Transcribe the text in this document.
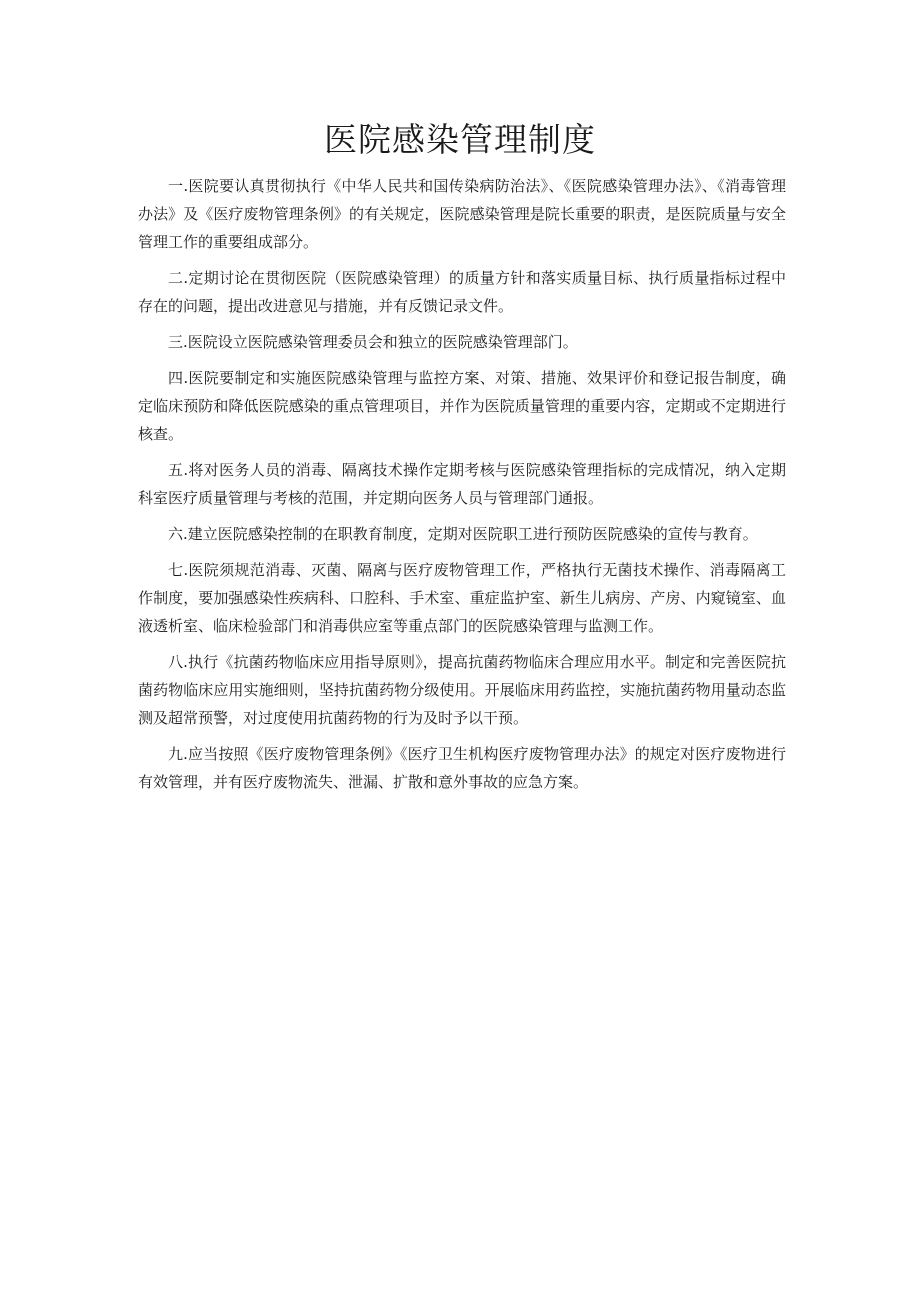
医院感染管理制度

一.医院要认真贯彻执行《中华人民共和国传染病防治法》、《医院感染管理办法》、《消毒管理办法》及《医疗废物管理条例》的有关规定，医院感染管理是院长重要的职责，是医院质量与安全管理工作的重要组成部分。

二.定期讨论在贯彻医院（医院感染管理）的质量方针和落实质量目标、执行质量指标过程中存在的问题，提出改进意见与措施，并有反馈记录文件。

三.医院设立医院感染管理委员会和独立的医院感染管理部门。

四.医院要制定和实施医院感染管理与监控方案、对策、措施、效果评价和登记报告制度，确定临床预防和降低医院感染的重点管理项目，并作为医院质量管理的重要内容，定期或不定期进行核查。

五.将对医务人员的消毒、隔离技术操作定期考核与医院感染管理指标的完成情况，纳入定期科室医疗质量管理与考核的范围，并定期向医务人员与管理部门通报。

六.建立医院感染控制的在职教育制度，定期对医院职工进行预防医院感染的宣传与教育。

七.医院须规范消毒、灭菌、隔离与医疗废物管理工作，严格执行无菌技术操作、消毒隔离工作制度，要加强感染性疾病科、口腔科、手术室、重症监护室、新生儿病房、产房、内窥镜室、血液透析室、临床检验部门和消毒供应室等重点部门的医院感染管理与监测工作。

八.执行《抗菌药物临床应用指导原则》，提高抗菌药物临床合理应用水平。制定和完善医院抗菌药物临床应用实施细则，坚持抗菌药物分级使用。开展临床用药监控，实施抗菌药物用量动态监测及超常预警，对过度使用抗菌药物的行为及时予以干预。

九.应当按照《医疗废物管理条例》《医疗卫生机构医疗废物管理办法》的规定对医疗废物进行有效管理，并有医疗废物流失、泄漏、扩散和意外事故的应急方案。
